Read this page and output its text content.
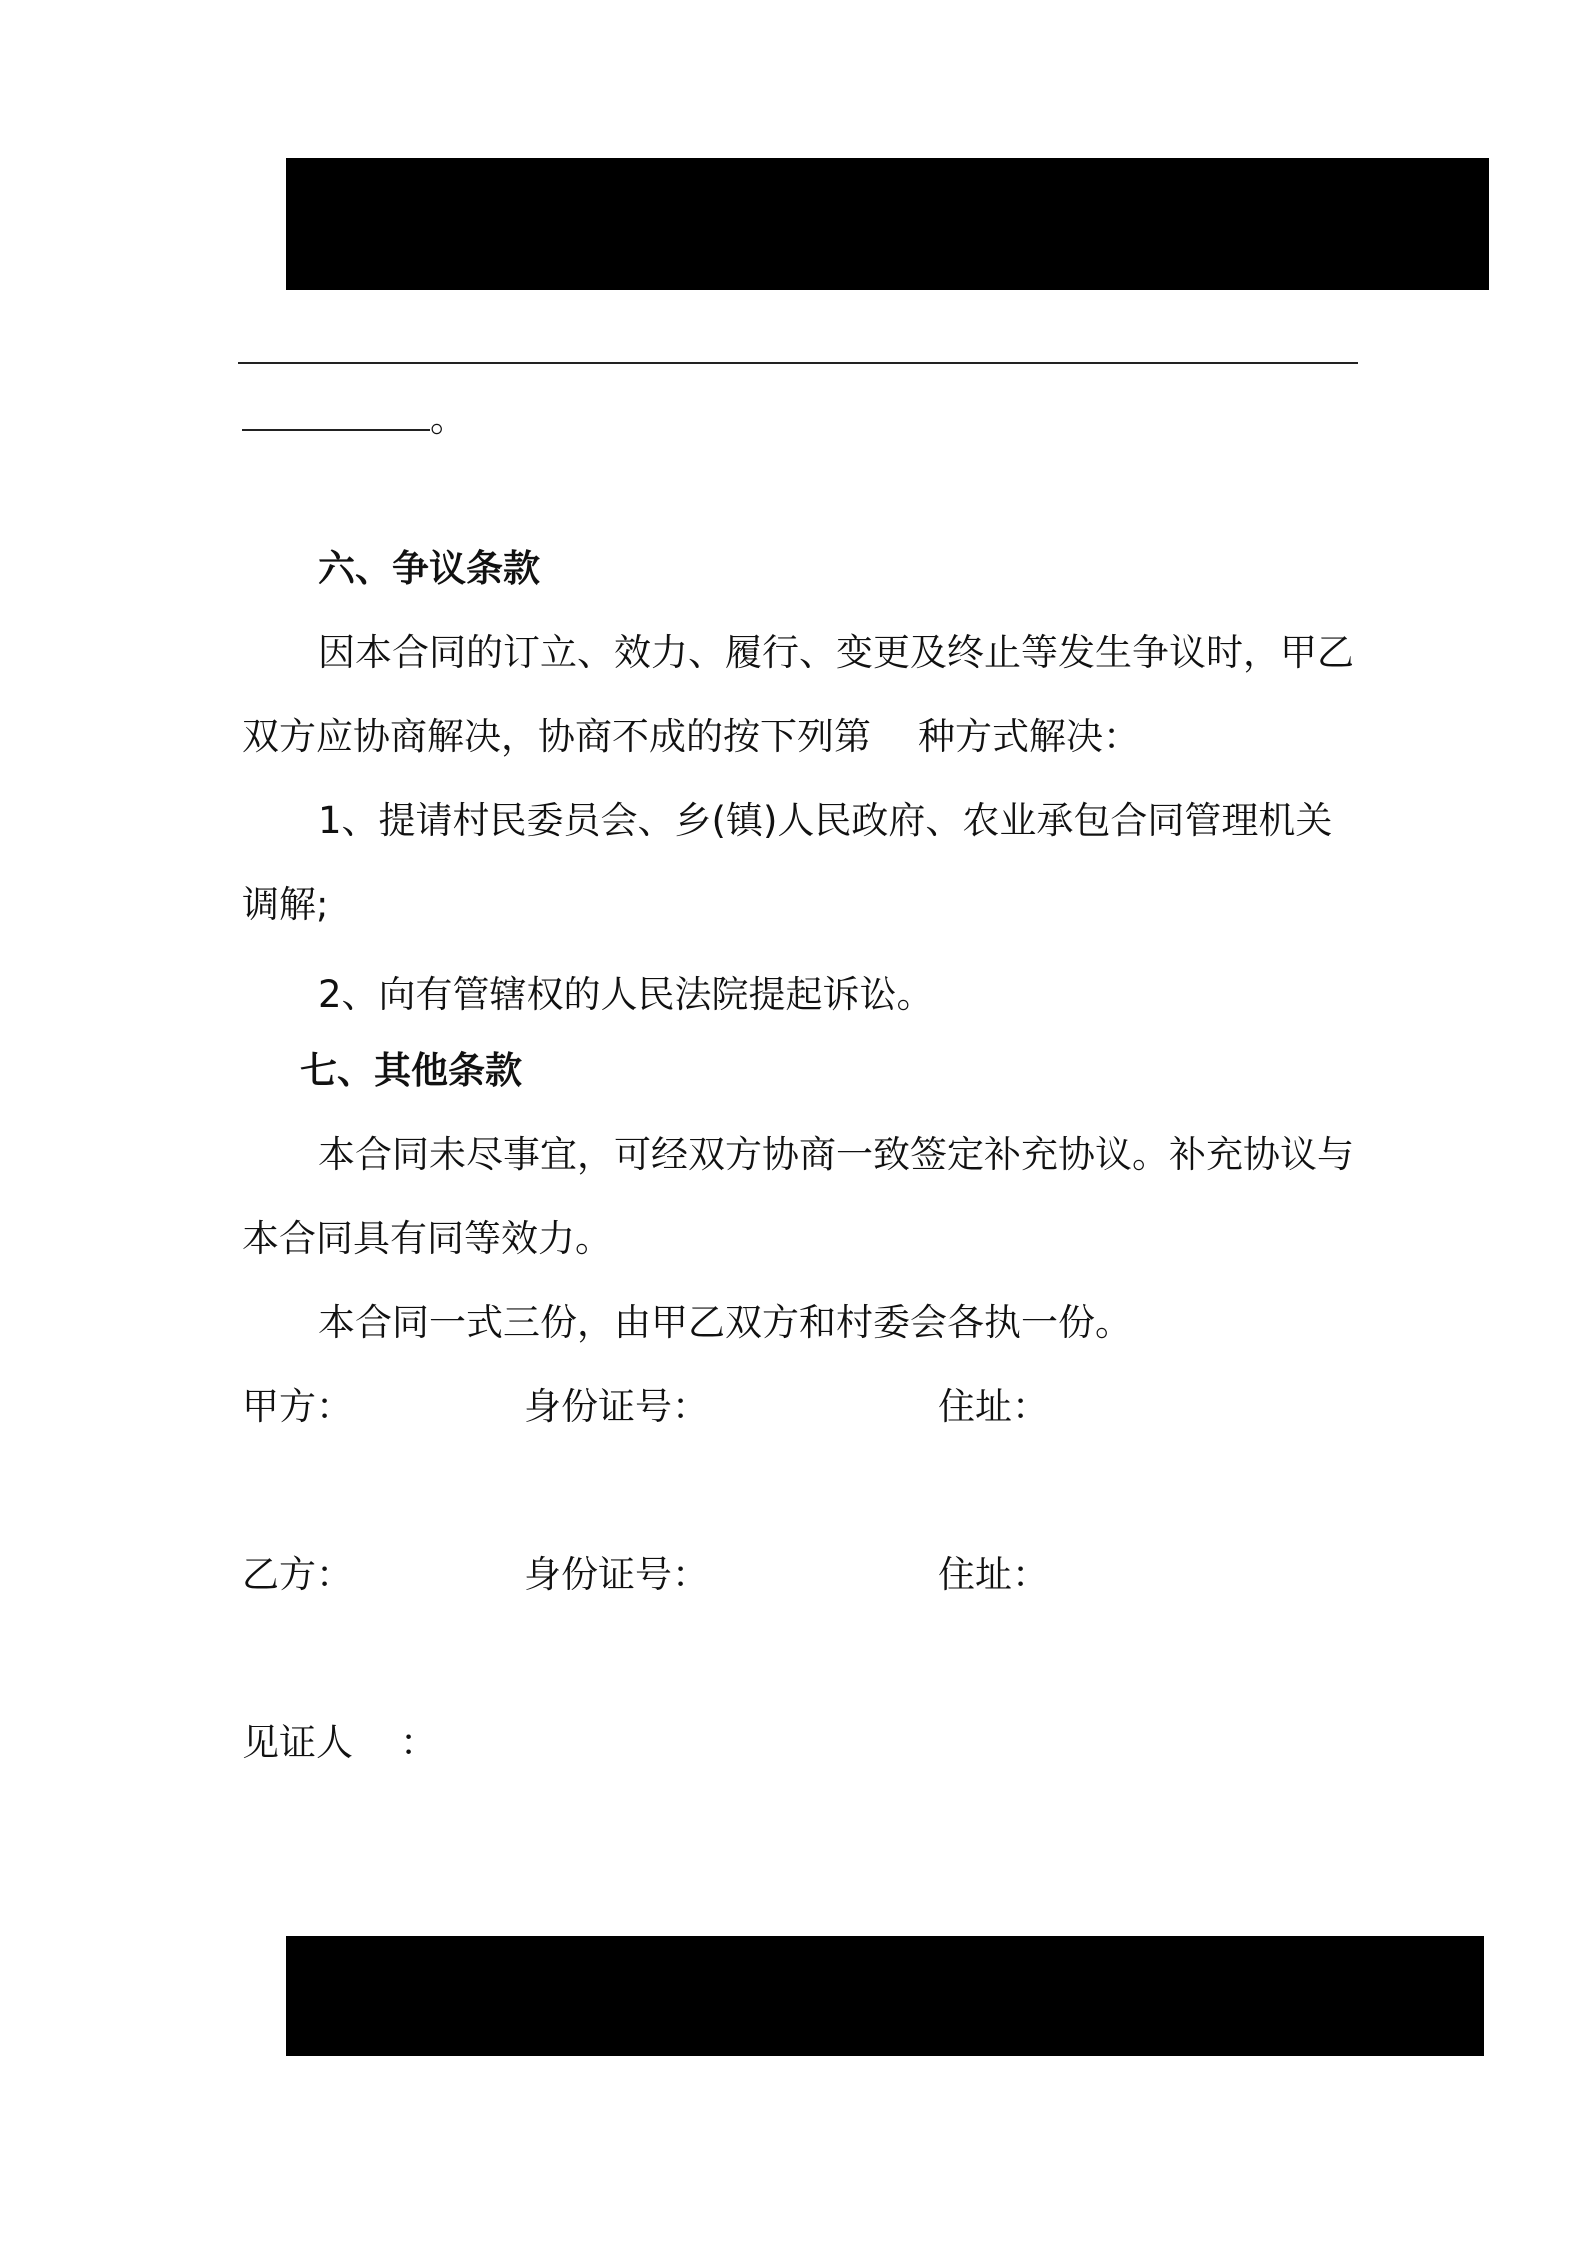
。
六、争议条款
因本合同的订立、效力、履行、变更及终止等发生争议时，甲乙
双方应协商解决，协商不成的按下列第    种方式解决：
1、提请村民委员会、乡(镇)人民政府、农业承包合同管理机关
调解;
2、向有管辖权的人民法院提起诉讼。
七、其他条款
本合同未尽事宜，可经双方协商一致签定补充协议。补充协议与
本合同具有同等效力。
本合同一式三份，由甲乙双方和村委会各执一份。
甲方：	身份证号：	住址：
乙方：	身份证号：	住址：
见证人    ：
